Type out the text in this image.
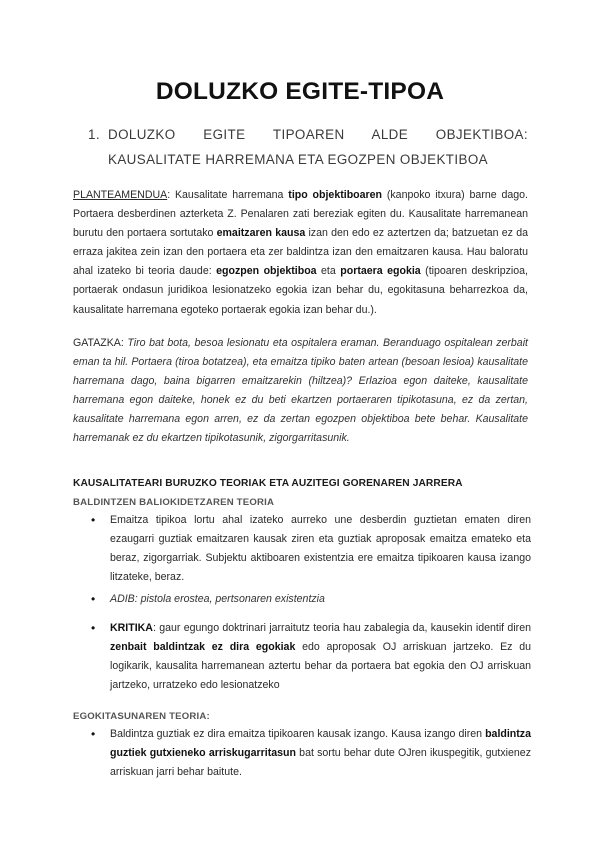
DOLUZKO EGITE-TIPOA
1. DOLUZKO EGITE TIPOAREN ALDE OBJEKTIBOA:
KAUSALITATE HARREMANA ETA EGOZPEN OBJEKTIBOA

PLANTEAMENDUA: Kausalitate harremana tipo objektiboaren (kanpoko itxura) barne dago. Portaera desberdinen azterketa Z. Penalaren zati bereziak egiten du. Kausalitate harremanean burutu den portaera sortutako emaitzaren kausa izan den edo ez aztertzen da; batzuetan ez da erraza jakitea zein izan den portaera eta zer baldintza izan den emaitzaren kausa. Hau baloratu ahal izateko bi teoria daude: egozpen objektiboa eta portaera egokia (tipoaren deskripzioa, portaerak ondasun juridikoa lesionatzeko egokia izan behar du, egokitasuna beharrezkoa da, kausalitate harremana egoteko portaerak egokia izan behar du.).

GATAZKA: Tiro bat bota, besoa lesionatu eta ospitalera eraman. Beranduago ospitalean zerbait eman ta hil. Portaera (tiroa botatzea), eta emaitza tipiko baten artean (besoan lesioa) kausalitate harremana dago, baina bigarren emaitzarekin (hiltzea)? Erlazioa egon daiteke, kausalitate harremana egon daiteke, honek ez du beti ekartzen portaeraren tipikotasuna, ez da zertan, kausalitate harremana egon arren, ez da zertan egozpen objektiboa bete behar. Kausalitate harremanak ez du ekartzen tipikotasunik, zigorgarritasunik.

KAUSALITATEARI BURUZKO TEORIAK ETA AUZITEGI GORENAREN JARRERA
BALDINTZEN BALIOKIDETZAREN TEORIA
• Emaitza tipikoa lortu ahal izateko aurreko une desberdin guztietan ematen diren ezaugarri guztiak emaitzaren kausak ziren eta guztiak aproposak emaitza emateko eta beraz, zigorgarriak. Subjektu aktiboaren existentzia ere emaitza tipikoaren kausa izango litzateke, beraz.
• ADIB: pistola erostea, pertsonaren existentzia
• KRITIKA: gaur egungo doktrinari jarraitutz teoria hau zabalegia da, kausekin identif diren zenbait baldintzak ez dira egokiak edo aproposak OJ arriskuan jartzeko. Ez du logikarik, kausalita harremanean aztertu behar da portaera bat egokia den OJ arriskuan jartzeko, urratzeko edo lesionatzeko
EGOKITASUNAREN TEORIA:
• Baldintza guztiak ez dira emaitza tipikoaren kausak izango. Kausa izango diren baldintza guztiek gutxieneko arriskugarritasun bat sortu behar dute OJren ikuspegitik, gutxienez arriskuan jarri behar baitute.
